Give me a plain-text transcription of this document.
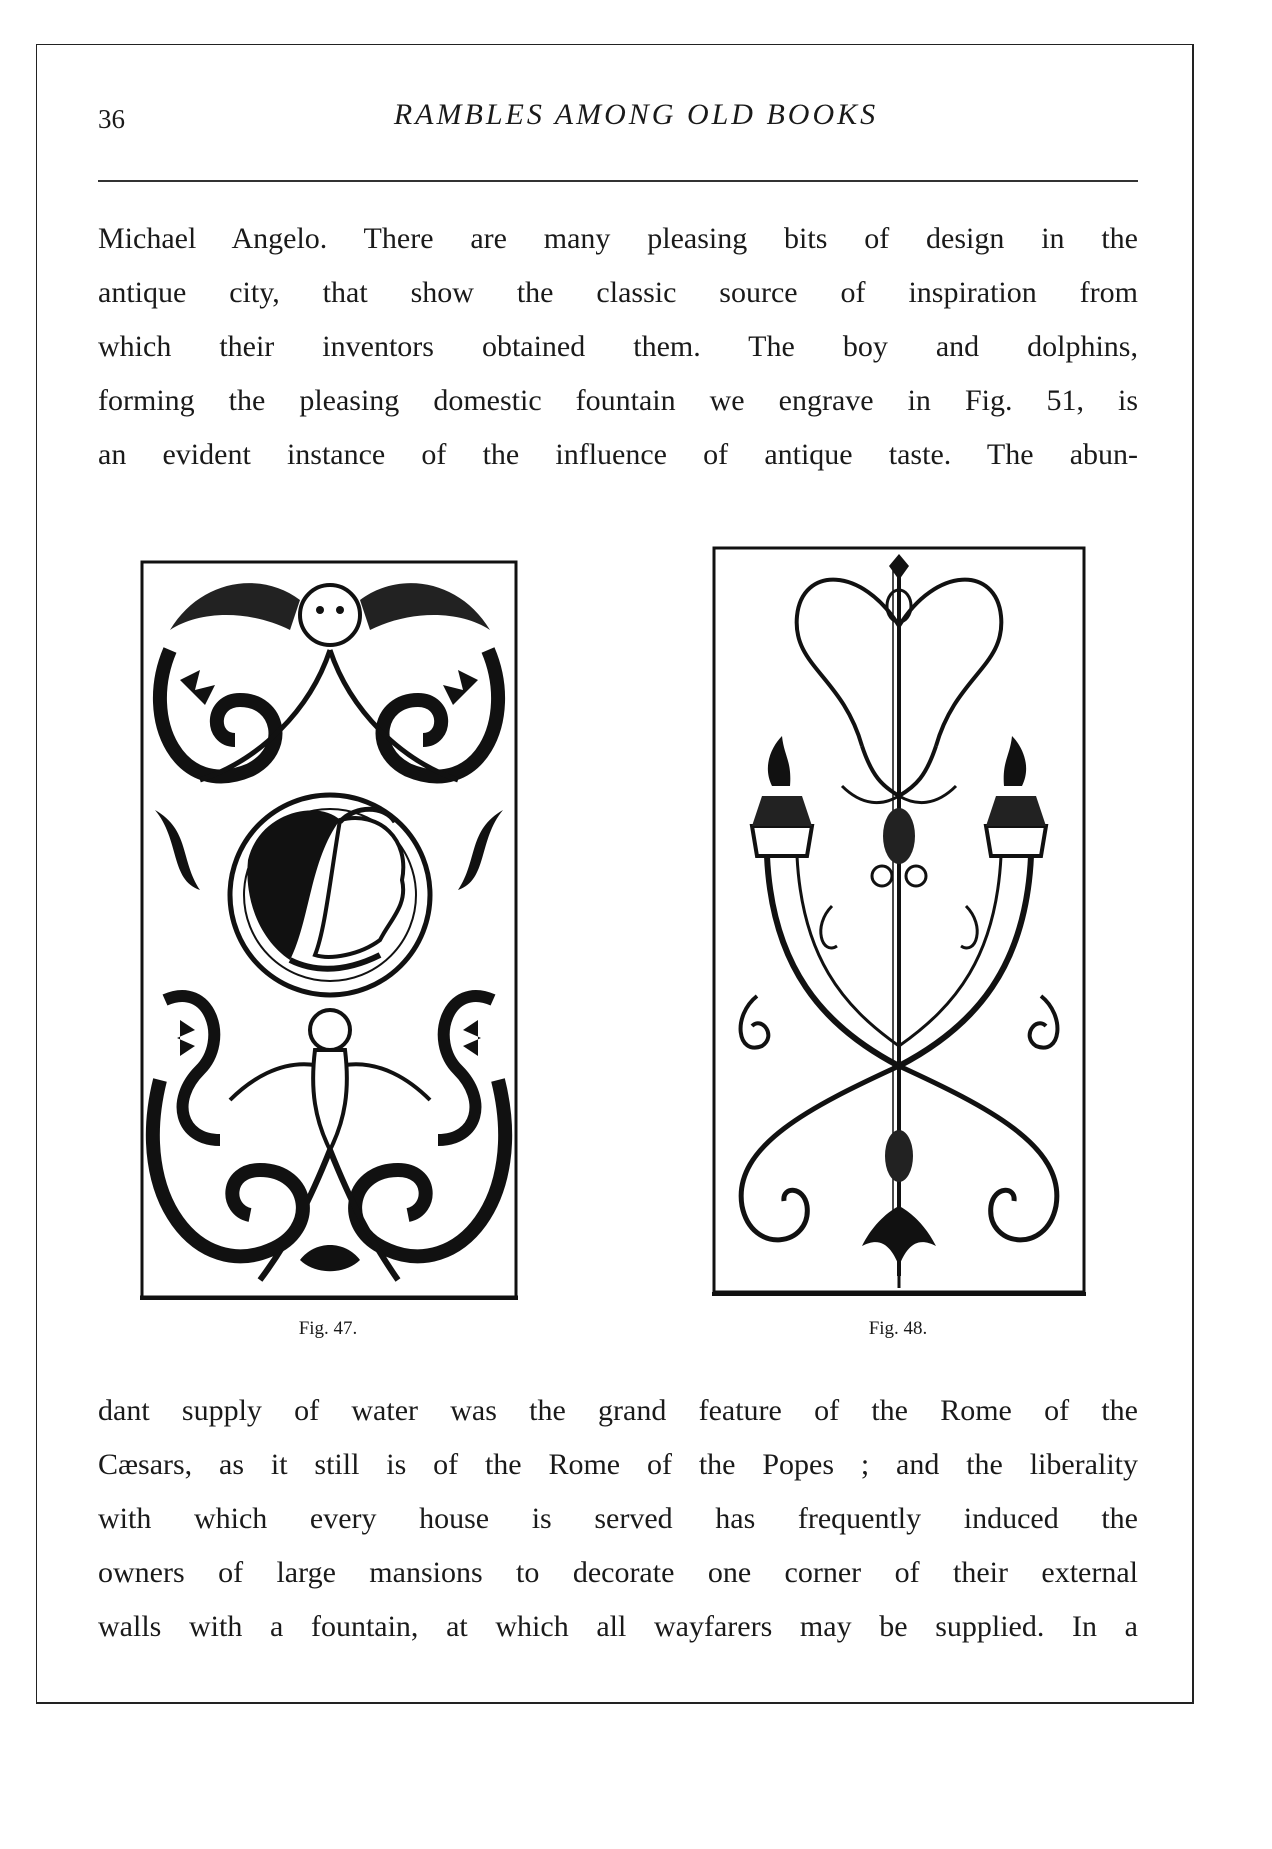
36	RAMBLES AMONG OLD BOOKS
Michael Angelo. There are many pleasing bits of design in the
antique city, that show the classic source of inspiration from
which their inventors obtained them. The boy and dolphins,
forming the pleasing domestic fountain we engrave in Fig. 51, is
an evident instance of the influence of antique taste. The abun-
Fig. 47.	Fig. 48.
dant supply of water was the grand feature of the Rome of the
Cæsars, as it still is of the Rome of the Popes ; and the liberality
with which every house is served has frequently induced the
owners of large mansions to decorate one corner of their external
walls with a fountain, at which all wayfarers may be supplied. In a
